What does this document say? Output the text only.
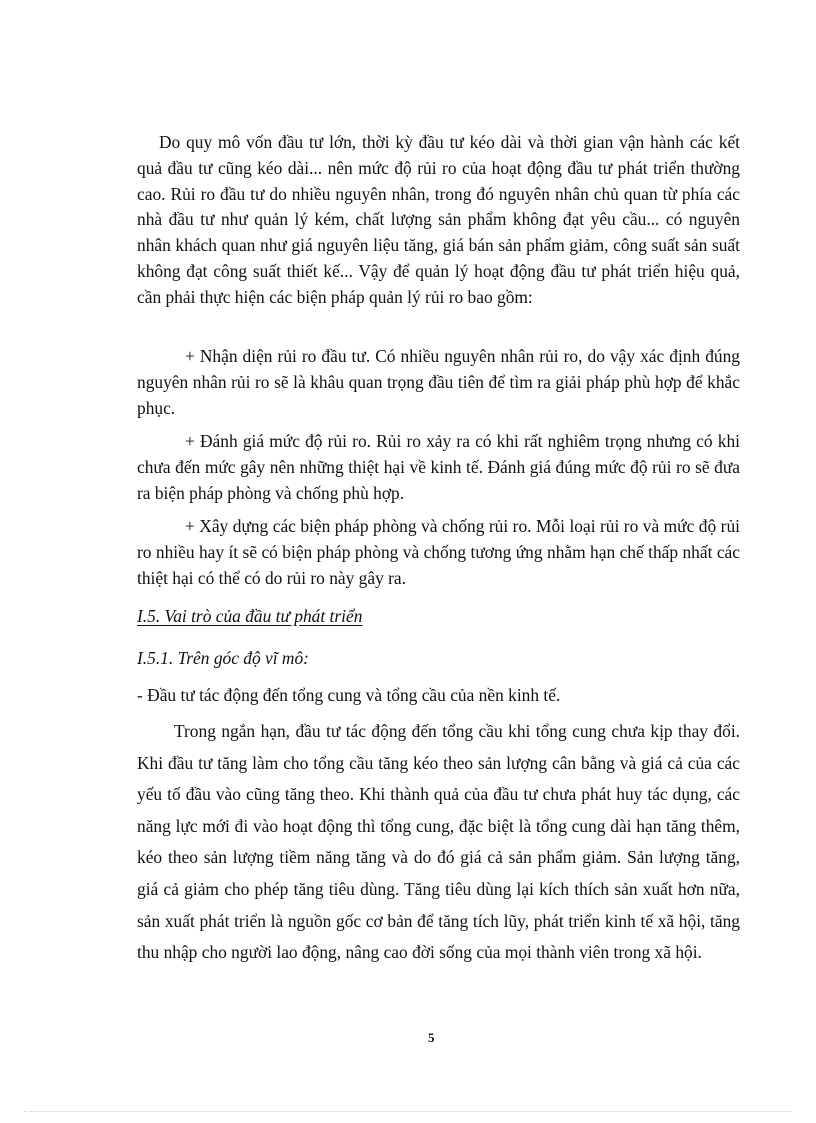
Do quy mô vốn đầu tư lớn, thời kỳ đầu tư kéo dài và thời gian vận hành các kết quả đầu tư cũng kéo dài... nên mức độ rủi ro của hoạt động đầu tư phát triển thường cao. Rủi ro đầu tư do nhiều nguyên nhân, trong đó nguyên nhân chủ quan từ phía các nhà đầu tư như quản lý kém, chất lượng sản phẩm không đạt yêu cầu... có nguyên nhân khách quan như giá nguyên liệu tăng, giá bán sản phẩm giảm, công suất sản suất không đạt công suất thiết kế... Vậy để quản lý hoạt động đầu tư phát triển hiệu quả, cần phải thực hiện các biện pháp quản lý rủi ro bao gồm:

+ Nhận diện rủi ro đầu tư. Có nhiều nguyên nhân rủi ro, do vậy xác định đúng nguyên nhân rủi ro sẽ là khâu quan trọng đầu tiên để tìm ra giải pháp phù hợp để khắc phục.

+ Đánh giá mức độ rủi ro. Rủi ro xảy ra có khi rất nghiêm trọng nhưng có khi chưa đến mức gây nên những thiệt hại về kinh tế. Đánh giá đúng mức độ rủi ro sẽ đưa ra biện pháp phòng và chống phù hợp.

+ Xây dựng các biện pháp phòng và chống rủi ro. Mỗi loại rủi ro và mức độ rủi ro nhiều hay ít sẽ có biện pháp phòng và chống tương ứng nhằm hạn chế thấp nhất các thiệt hại có thể có do rủi ro này gây ra.

I.5. Vai trò của đầu tư phát triển
I.5.1. Trên góc độ vĩ mô:

- Đầu tư tác động đến tổng cung và tổng cầu của nền kinh tế.

Trong ngắn hạn, đầu tư tác động đến tổng cầu khi tổng cung chưa kịp thay đổi. Khi đầu tư tăng làm cho tổng cầu tăng kéo theo sản lượng cân bằng và giá cả của các yếu tố đầu vào cũng tăng theo. Khi thành quả của đầu tư chưa phát huy tác dụng, các năng lực mới đi vào hoạt động thì tổng cung, đặc biệt là tổng cung dài hạn tăng thêm, kéo theo sản lượng tiềm năng tăng và do đó giá cả sản phẩm giảm. Sản lượng tăng, giá cả giảm cho phép tăng tiêu dùng. Tăng tiêu dùng lại kích thích sản xuất hơn nữa, sản xuất phát triển là nguồn gốc cơ bản để tăng tích lũy, phát triển kinh tế xã hội, tăng thu nhập cho người lao động, nâng cao đời sống của mọi thành viên trong xã hội.

5
